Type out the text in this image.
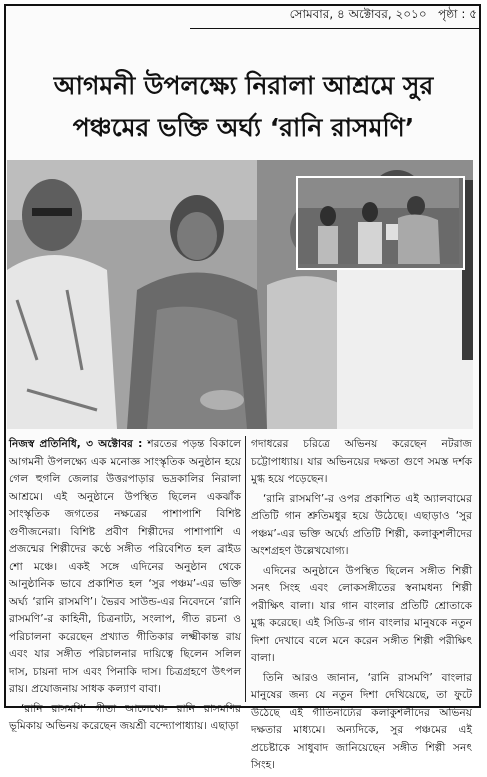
সোমবার, ৪ অক্টোবর, ২০১০ পৃষ্ঠা : ৫
আগমনী উপলক্ষ্যে নিরালা আশ্রমে সুর
পঞ্চমের ভক্তি অর্ঘ্য ‘রানি রাসমণি’

নিজস্ব প্রতিনিধি, ৩ অক্টোবর : শরতের পড়ন্ত বিকালে আগমনী উপলক্ষ্যে এক মনোজ্ঞ সাংস্কৃতিক অনুষ্ঠান হয়ে গেল হুগলি জেলার উত্তরপাড়ার ভদ্রকালির নিরালা আশ্রমে। এই অনুষ্ঠানে উপস্থিত ছিলেন একঝাঁক সাংস্কৃতিক জগতের নক্ষত্রের পাশাপাশি বিশিষ্ট গুণীজনেরা। বিশিষ্ট প্রবীণ শিল্পীদের পাশাপাশি এ প্রজন্মের শিল্পীদের কণ্ঠে সঙ্গীত পরিবেশিত হল ব্রাইড শো মঞ্চে। একই সঙ্গে এদিনের অনুষ্ঠান থেকে আনুষ্ঠানিক ভাবে প্রকাশিত হল ‘সুর পঞ্চম’-এর ভক্তি অর্ঘ্য ‘রানি রাসমণি’। ভৈরব সাউন্ড-এর নিবেদনে ‘রানি রাসমণি’-র কাহিনী, চিত্রনাট্য, সংলাপ, গীত রচনা ও পরিচালনা করেছেন প্রখ্যাত গীতিকার লক্ষ্মীকান্ত রায় এবং যার সঙ্গীত পরিচালনার দায়িত্বে ছিলেন সলিল দাস, চায়না দাস এবং পিনাকি দাস। চিত্রগ্রহণে উৎপল রায়। প্রযোজনায় সাধক কল্যাণ বাবা।

‘রানি রাসমণি’ গীতা আলেখ্যে- রানি রাসমণির ভূমিকায় অভিনয় করেছেন জয়শ্রী বন্দ্যোপাধ্যায়। এছাড়া

গদাধরের চরিত্রে অভিনয় করেছেন নটরাজ চট্টোপাধ্যায়। যার অভিনয়ের দক্ষতা গুণে সমস্ত দর্শক মুগ্ধ হয়ে পড়েছেন।

‘রানি রাসমণি’-র ওপর প্রকাশিত এই অ্যালবামের প্রতিটি গান শ্রুতিমধুর হয়ে উঠেছে। এছাড়াও ‘সুর পঞ্চম’-এর ভক্তি অর্ঘ্যে প্রতিটি শিল্পী, কলাকুশলীদের অংশগ্রহণ উল্লেখযোগ্য।

এদিনের অনুষ্ঠানে উপস্থিত ছিলেন সঙ্গীত শিল্পী সনৎ সিংহ এবং লোকসঙ্গীতের স্বনামধন্য শিল্পী পরীক্ষিৎ বালা। যার গান বাংলার প্রতিটি শ্রোতাকে মুগ্ধ করেছে। এই সিডি-র গান বাংলার মানুষকে নতুন দিশা দেখাবে বলে মনে করেন সঙ্গীত শিল্পী পরীক্ষিৎ বালা।

তিনি আরও জানান, ‘রানি রাসমণি’ বাংলার মানুষের জন্য যে নতুন দিশা দেখিয়েছে, তা ফুটে উঠেছে এই গীতিনাট্যের কলাকুশলীদের অভিনয় দক্ষতার মাধ্যমে। অন্যদিকে, সুর পঞ্চমের এই প্রচেষ্টাকে সাধুবাদ জানিয়েছেন সঙ্গীত শিল্পী সনৎ সিংহ।
